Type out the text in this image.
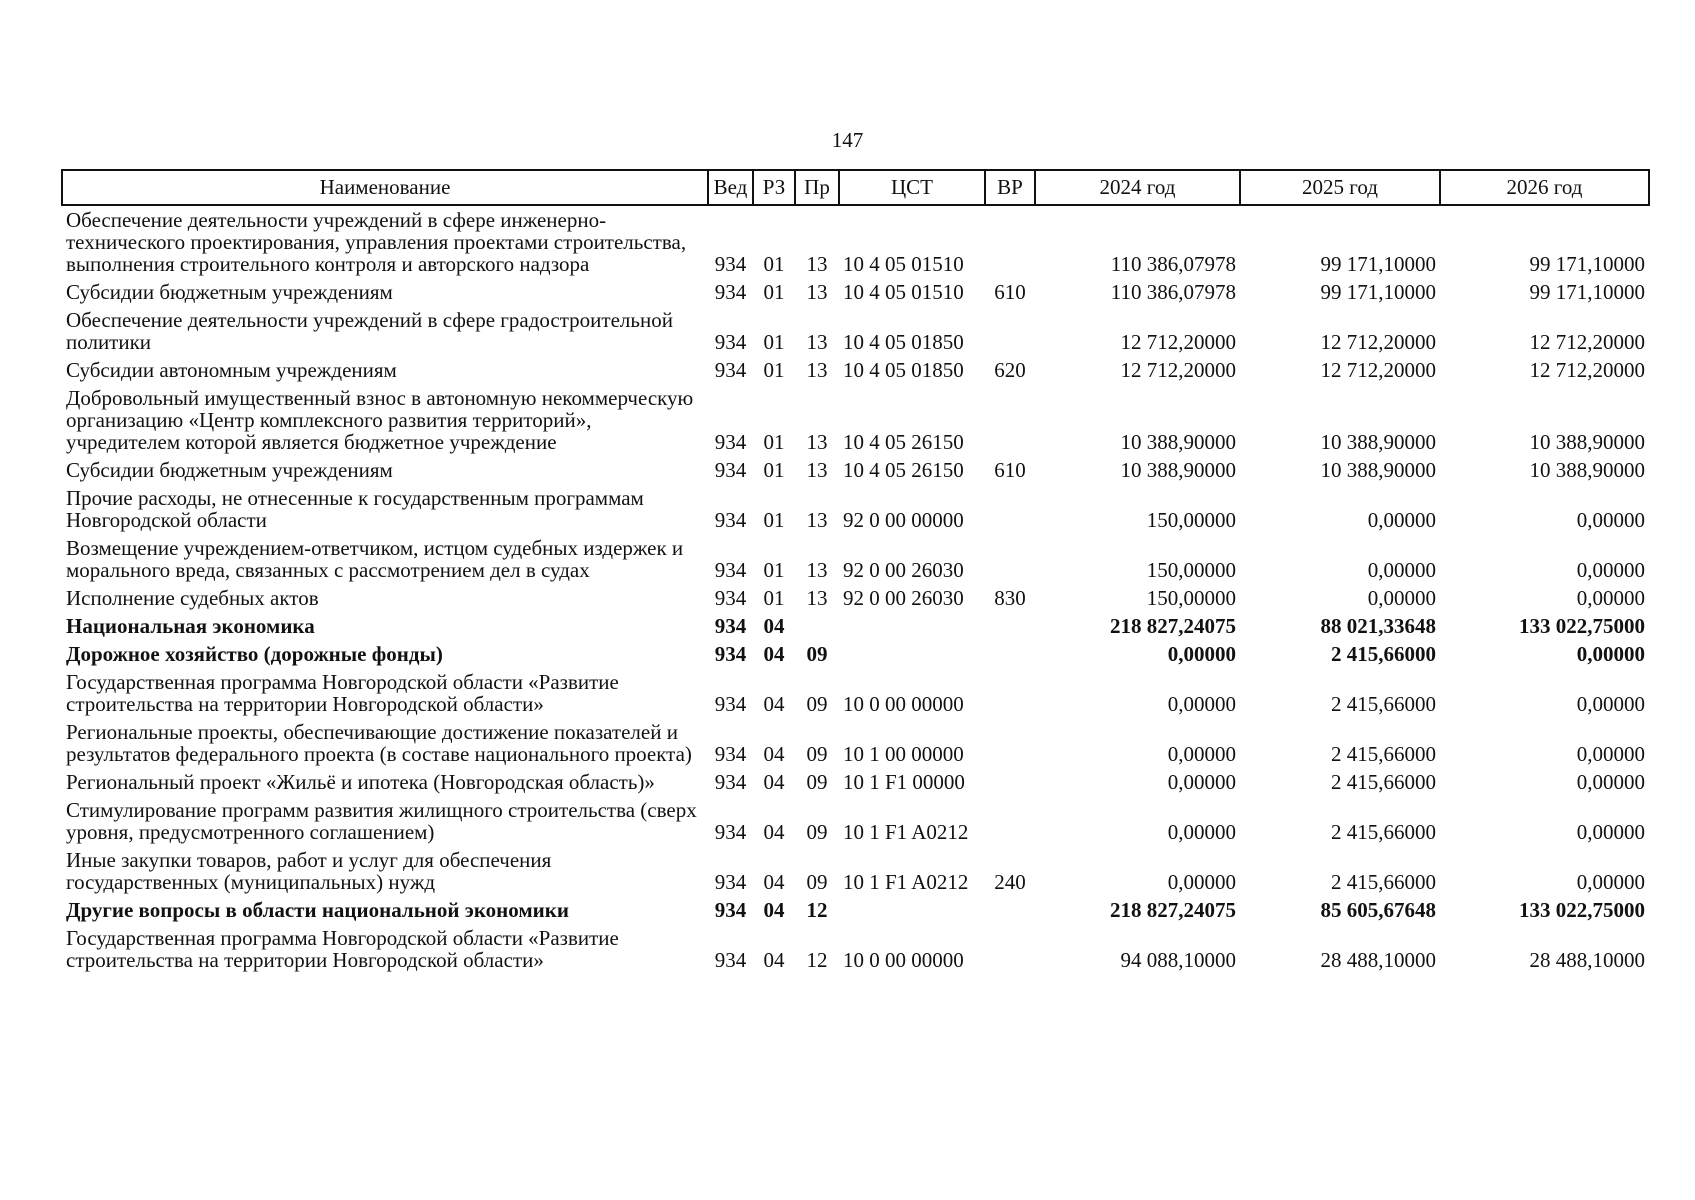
147
Наименование	Вед	РЗ	Пр	ЦСТ	ВР	2024 год	2025 год	2026 год
Обеспечение деятельности учреждений в сфере инженерно-технического проектирования, управления проектами строительства, выполнения строительного контроля и авторского надзора	934	01	13	10 4 05 01510		110 386,07978	99 171,10000	99 171,10000
Субсидии бюджетным учреждениям	934	01	13	10 4 05 01510	610	110 386,07978	99 171,10000	99 171,10000
Обеспечение деятельности учреждений в сфере градостроительной политики	934	01	13	10 4 05 01850		12 712,20000	12 712,20000	12 712,20000
Субсидии автономным учреждениям	934	01	13	10 4 05 01850	620	12 712,20000	12 712,20000	12 712,20000
Добровольный имущественный взнос в автономную некоммерческую организацию «Центр комплексного развития территорий», учредителем которой является бюджетное учреждение	934	01	13	10 4 05 26150		10 388,90000	10 388,90000	10 388,90000
Субсидии бюджетным учреждениям	934	01	13	10 4 05 26150	610	10 388,90000	10 388,90000	10 388,90000
Прочие расходы, не отнесенные к государственным программам Новгородской области	934	01	13	92 0 00 00000		150,00000	0,00000	0,00000
Возмещение учреждением-ответчиком, истцом судебных издержек и морального вреда, связанных с рассмотрением дел в судах	934	01	13	92 0 00 26030		150,00000	0,00000	0,00000
Исполнение судебных актов	934	01	13	92 0 00 26030	830	150,00000	0,00000	0,00000
Национальная экономика	934	04				218 827,24075	88 021,33648	133 022,75000
Дорожное хозяйство (дорожные фонды)	934	04	09			0,00000	2 415,66000	0,00000
Государственная программа Новгородской области «Развитие строительства на территории Новгородской области»	934	04	09	10 0 00 00000		0,00000	2 415,66000	0,00000
Региональные проекты, обеспечивающие достижение показателей и результатов федерального проекта (в составе национального проекта)	934	04	09	10 1 00 00000		0,00000	2 415,66000	0,00000
Региональный проект «Жильё и ипотека (Новгородская область)»	934	04	09	10 1 F1 00000		0,00000	2 415,66000	0,00000
Стимулирование программ развития жилищного строительства (сверх уровня, предусмотренного соглашением)	934	04	09	10 1 F1 A0212		0,00000	2 415,66000	0,00000
Иные закупки товаров, работ и услуг для обеспечения государственных (муниципальных) нужд	934	04	09	10 1 F1 A0212	240	0,00000	2 415,66000	0,00000
Другие вопросы в области национальной экономики	934	04	12			218 827,24075	85 605,67648	133 022,75000
Государственная программа Новгородской области «Развитие строительства на территории Новгородской области»	934	04	12	10 0 00 00000		94 088,10000	28 488,10000	28 488,10000
